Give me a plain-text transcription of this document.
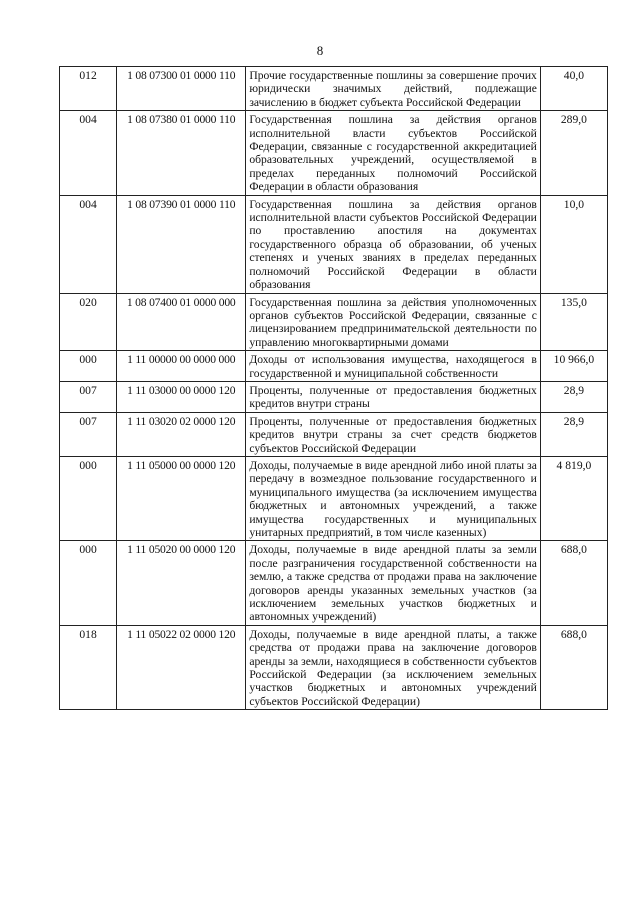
8
012	1 08 07300 01 0000 110	Прочие государственные пошлины за совершение прочих юридически значимых действий, подлежащие зачислению в бюджет субъекта Российской Федерации	40,0
004	1 08 07380 01 0000 110	Государственная пошлина за действия органов исполнительной власти субъектов Российской Федерации, связанные с государственной аккредитацией образовательных учреждений, осуществляемой в пределах переданных полномочий Российской Федерации в области образования	289,0
004	1 08 07390 01 0000 110	Государственная пошлина за действия органов исполнительной власти субъектов Российской Федерации по проставлению апостиля на документах государственного образца об образовании, об ученых степенях и ученых званиях в пределах переданных полномочий Российской Федерации в области образования	10,0
020	1 08 07400 01 0000 000	Государственная пошлина за действия уполномоченных органов субъектов Российской Федерации, связанные с лицензированием предпринимательской деятельности по управлению многоквартирными домами	135,0
000	1 11 00000 00 0000 000	Доходы от использования имущества, находящегося в государственной и муниципальной собственности	10 966,0
007	1 11 03000 00 0000 120	Проценты, полученные от предоставления бюджетных кредитов внутри страны	28,9
007	1 11 03020 02 0000 120	Проценты, полученные от предоставления бюджетных кредитов внутри страны за счет средств бюджетов субъектов Российской Федерации	28,9
000	1 11 05000 00 0000 120	Доходы, получаемые в виде арендной либо иной платы за передачу в возмездное пользование государственного и муниципального имущества (за исключением имущества бюджетных и автономных учреждений, а также имущества государственных и муниципальных унитарных предприятий, в том числе казенных)	4 819,0
000	1 11 05020 00 0000 120	Доходы, получаемые в виде арендной платы за земли после разграничения государственной собственности на землю, а также средства от продажи права на заключение договоров аренды указанных земельных участков (за исключением земельных участков бюджетных и автономных учреждений)	688,0
018	1 11 05022 02 0000 120	Доходы, получаемые в виде арендной платы, а также средства от продажи права на заключение договоров аренды за земли, находящиеся в собственности субъектов Российской Федерации (за исключением земельных участков бюджетных и автономных учреждений субъектов Российской Федерации)	688,0
